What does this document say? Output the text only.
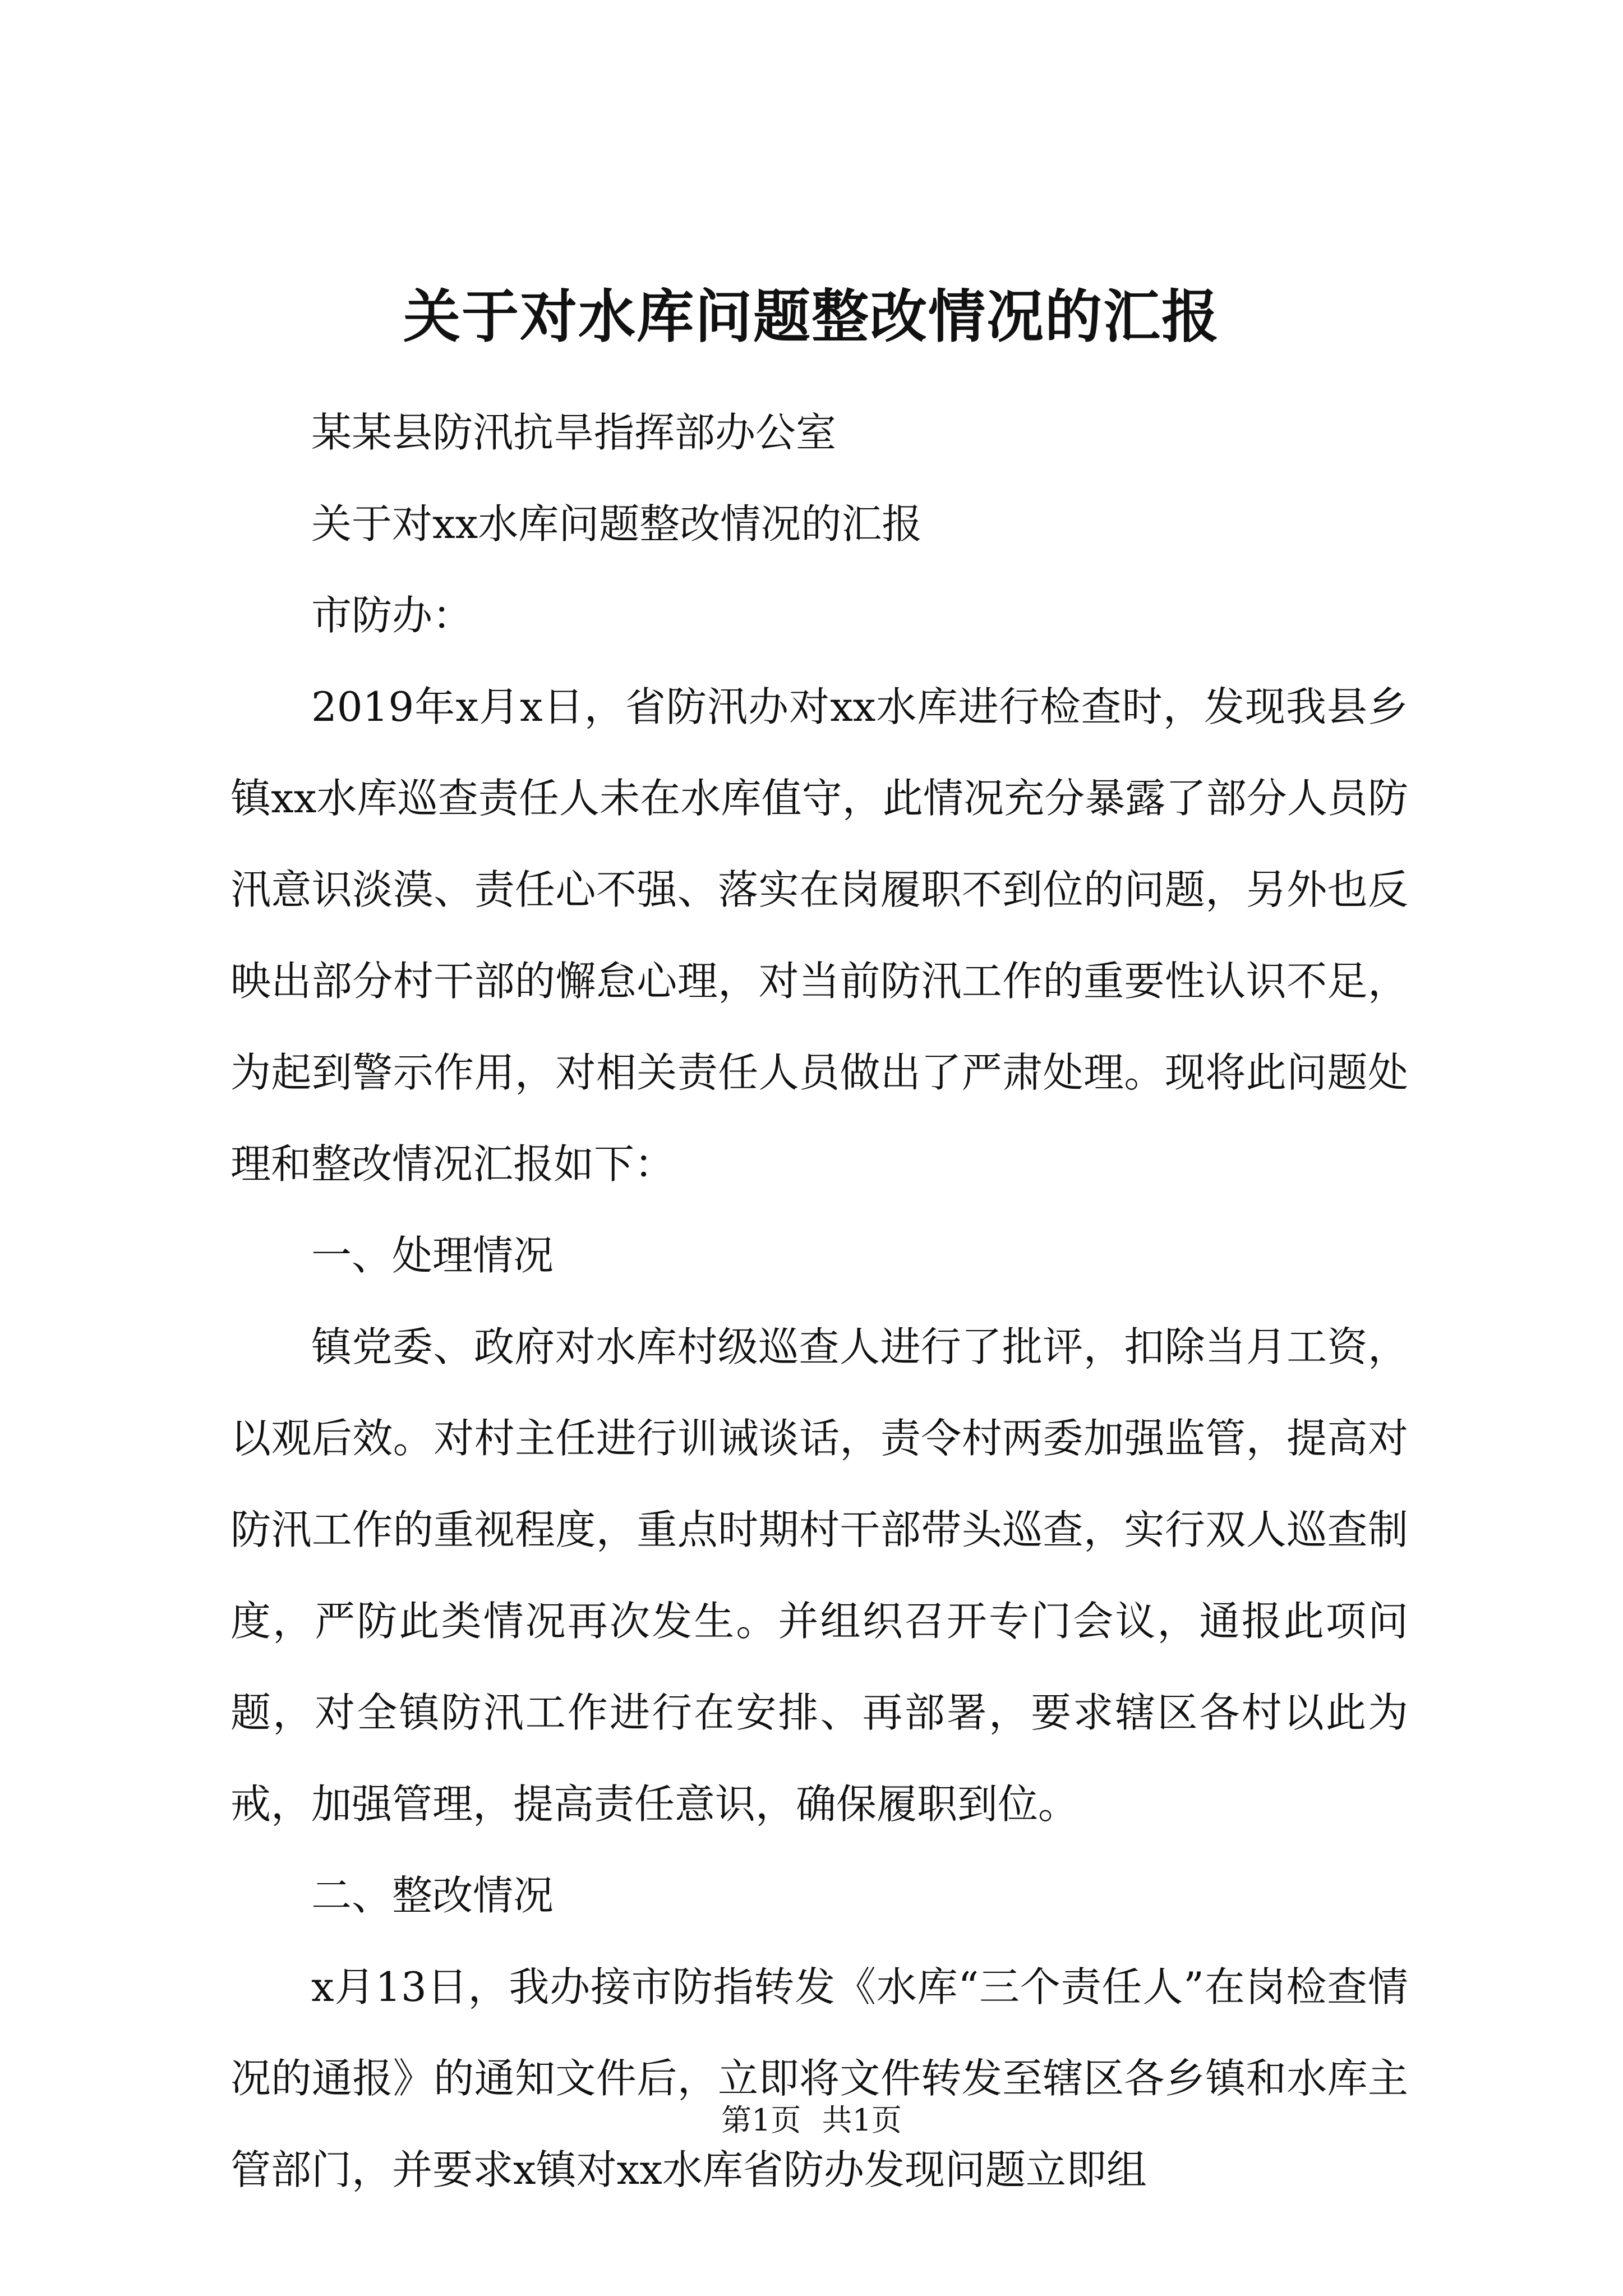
关于对水库问题整改情况的汇报

某某县防汛抗旱指挥部办公室

关于对xx水库问题整改情况的汇报

市防办：

2019年x月x日，省防汛办对xx水库进行检查时，发现我县乡镇xx水库巡查责任人未在水库值守，此情况充分暴露了部分人员防汛意识淡漠、责任心不强、落实在岗履职不到位的问题，另外也反映出部分村干部的懈怠心理，对当前防汛工作的重要性认识不足，为起到警示作用，对相关责任人员做出了严肃处理。现将此问题处理和整改情况汇报如下：

一、处理情况

镇党委、政府对水库村级巡查人进行了批评，扣除当月工资，以观后效。对村主任进行训诫谈话，责令村两委加强监管，提高对防汛工作的重视程度，重点时期村干部带头巡查，实行双人巡查制度，严防此类情况再次发生。并组织召开专门会议，通报此项问题，对全镇防汛工作进行在安排、再部署，要求辖区各村以此为戒，加强管理，提高责任意识，确保履职到位。

二、整改情况

x月13日，我办接市防指转发《水库“三个责任人”在岗检查情况的通报》的通知文件后，立即将文件转发至辖区各乡镇和水库主管部门，并要求x镇对xx水库省防办发现问题立即组

第1页 共1页
